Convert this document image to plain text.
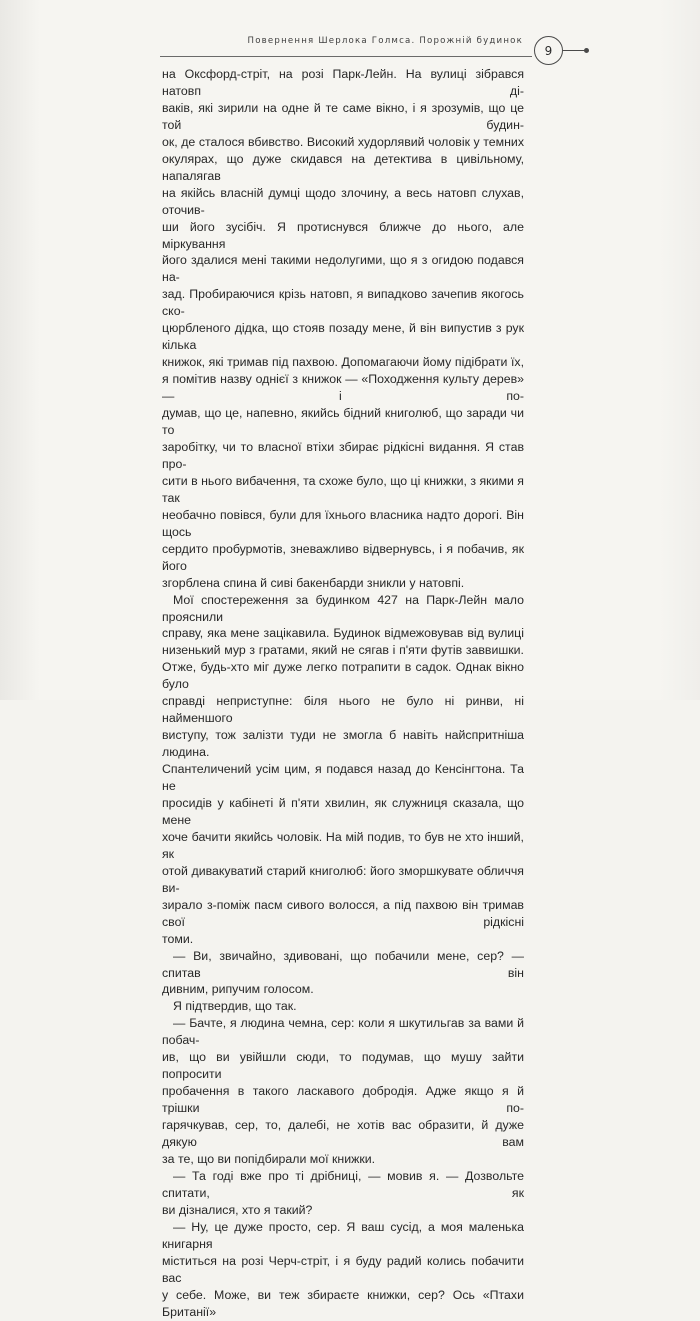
Повернення Шерлока Голмса. Порожній будинок
9

на Оксфорд-стріт, на розі Парк-Лейн. На вулиці зібрався натовп ді-

ваків, які зирили на одне й те саме вікно, і я зрозумів, що це той будин-

ок, де сталося вбивство. Високий худорлявий чоловік у темних

окулярах, що дуже скидався на детектива в цивільному, напалягав

на якійсь власній думці щодо злочину, а весь натовп слухав, оточив-

ши його зусібіч. Я протиснувся ближче до нього, але міркування

його здалися мені такими недолугими, що я з огидою подався на-

зад. Пробираючися крізь натовп, я випадково зачепив якогось ско-

цюрбленого дідка, що стояв позаду мене, й він випустив з рук кілька

книжок, які тримав під пахвою. Допомагаючи йому підібрати їх,

я помітив назву однієї з книжок — «Походження культу дерев» — і по-

думав, що це, напевно, якийсь бідний книголюб, що заради чи то

заробітку, чи то власної втіхи збирає рідкісні видання. Я став про-

сити в нього вибачення, та схоже було, що ці книжки, з якими я так

необачно повівся, були для їхнього власника надто дорогі. Він щось

сердито пробурмотів, зневажливо відвернувсь, і я побачив, як його

згорблена спина й сиві бакенбарди зникли у натовпі.

Мої спостереження за будинком 427 на Парк-Лейн мало прояснили

справу, яка мене зацікавила. Будинок відмежовував від вулиці

низенький мур з гратами, який не сягав і п'яти футів заввишки.

Отже, будь-хто міг дуже легко потрапити в садок. Однак вікно було

справді неприступне: біля нього не було ні ринви, ні найменшого

виступу, тож залізти туди не змогла б навіть найспритніша людина.

Спантеличений усім цим, я подався назад до Кенсінгтона. Та не

просидів у кабінеті й п'яти хвилин, як служниця сказала, що мене

хоче бачити якийсь чоловік. На мій подив, то був не хто інший, як

отой дивакуватий старий книголюб: його зморшкувате обличчя ви-

зирало з-поміж пасм сивого волосся, а під пахвою він тримав свої рідкісні

томи.

— Ви, звичайно, здивовані, що побачили мене, сер? — спитав він

дивним, рипучим голосом.

Я підтвердив, що так.

— Бачте, я людина чемна, сер: коли я шкутильгав за вами й побач-

ив, що ви увійшли сюди, то подумав, що мушу зайти попросити

пробачення в такого ласкавого добродія. Адже якщо я й трішки по-

гарячкував, сер, то, далебі, не хотів вас образити, й дуже дякую вам

за те, що ви попідбирали мої книжки.

— Та годі вже про ті дрібниці, — мовив я. — Дозвольте спитати, як

ви дізналися, хто я такий?

— Ну, це дуже просто, сер. Я ваш сусід, а моя маленька книгарня

міститься на розі Черч-стріт, і я буду радий колись побачити вас

у себе. Може, ви теж збираєте книжки, сер? Ось «Птахи Британії»
